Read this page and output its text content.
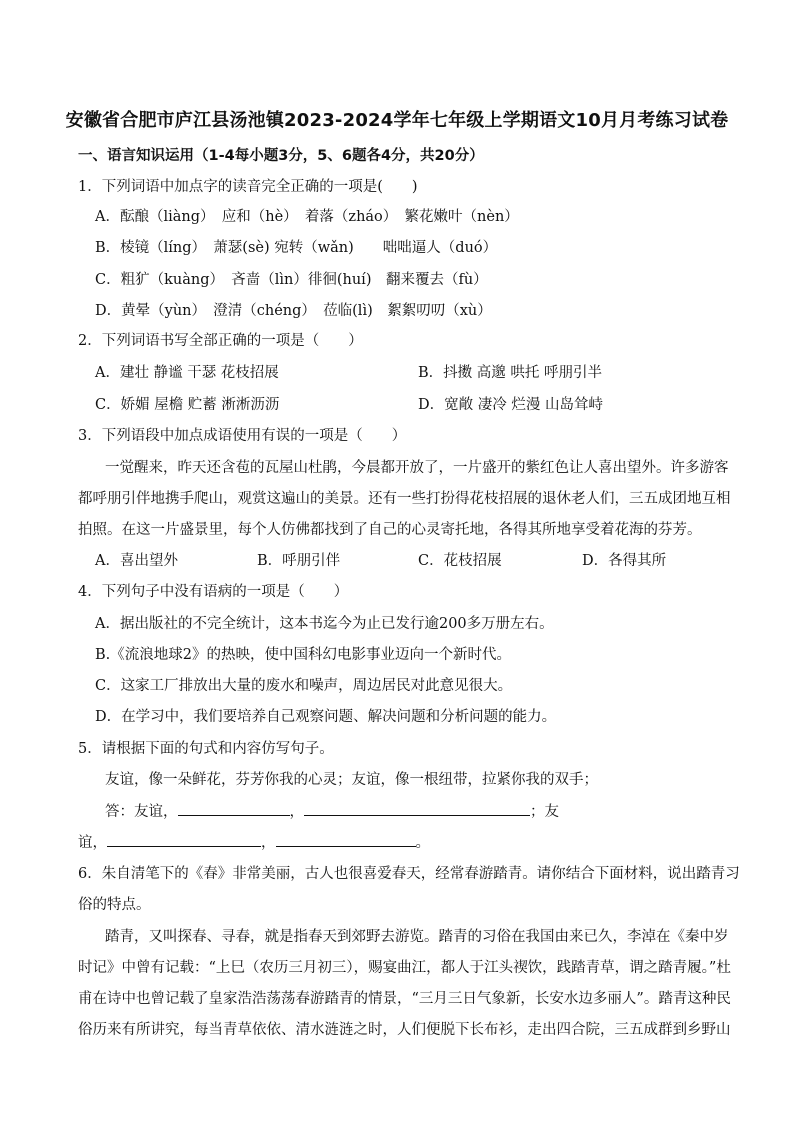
安徽省合肥市庐江县汤池镇2023-2024学年七年级上学期语文10月月考练习试卷
一、语言知识运用（1-4每小题3分，5、6题各4分，共20分）
1．下列词语中加点字的读音完全正确的一项是(　　)
A．酝酿（liàng）　应和（hè）　着落（zháo）　繁花嫩叶（nèn）
B．棱镜（líng）　萧瑟(sè) 宛转（wǎn)　　咄咄逼人（duó）
C．粗犷（kuàng）　吝啬（lìn）徘徊(huí)　翻来覆去（fù）
D．黄晕（yùn）　澄清（chéng）　莅临(lì)　絮絮叨叨（xù）
2．下列词语书写全部正确的一项是（　　）
A．建壮 静谧 干瑟 花枝招展	B．抖擞 高邈 哄托 呼朋引半
C．娇媚 屋檐 贮蓄 淅淅沥沥	D．宽敞 凄冷 烂漫 山岛耸峙
3．下列语段中加点成语使用有误的一项是（　　）
一觉醒来，昨天还含苞的瓦屋山杜鹃，今晨都开放了，一片盛开的紫红色让人喜出望外。许多游客
都呼朋引伴地携手爬山，观赏这遍山的美景。还有一些打扮得花枝招展的退休老人们，三五成团地互相
拍照。在这一片盛景里，每个人仿佛都找到了自己的心灵寄托地，各得其所地享受着花海的芬芳。
A．喜出望外	B．呼朋引伴	C．花枝招展	D．各得其所
4．下列句子中没有语病的一项是（　　）
A．据出版社的不完全统计，这本书迄今为止已发行逾200多万册左右。
B.《流浪地球2》的热映，使中国科幻电影事业迈向一个新时代。
C．这家工厂排放出大量的废水和噪声，周边居民对此意见很大。
D．在学习中，我们要培养自己观察问题、解决问题和分析问题的能力。
5．请根据下面的句式和内容仿写句子。
友谊，像一朵鲜花，芬芳你我的心灵；友谊，像一根纽带，拉紧你我的双手；
答：友谊，	，	；友
谊，	，	。
6．朱自清笔下的《春》非常美丽，古人也很喜爱春天，经常春游踏青。请你结合下面材料，说出踏青习
俗的特点。
踏青，又叫探春、寻春，就是指春天到郊野去游览。踏青的习俗在我国由来已久，李淖在《秦中岁
时记》中曾有记载：“上巳（农历三月初三），赐宴曲江，都人于江头禊饮，践踏青草，谓之踏青履。”杜
甫在诗中也曾记载了皇家浩浩荡荡春游踏青的情景，“三月三日气象新，长安水边多丽人”。踏青这种民
俗历来有所讲究，每当青草依依、清水涟涟之时，人们便脱下长布衫，走出四合院，三五成群到乡野山
